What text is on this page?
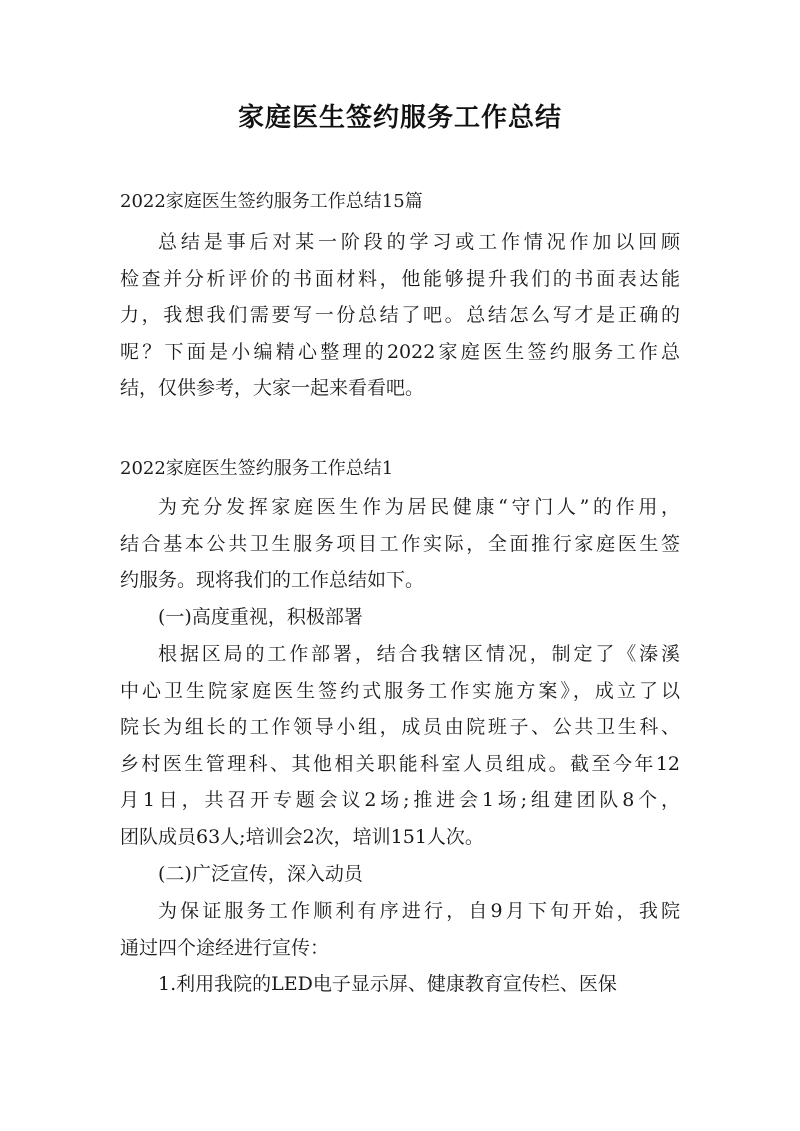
家庭医生签约服务工作总结
2022家庭医生签约服务工作总结15篇
总结是事后对某一阶段的学习或工作情况作加以回顾
检查并分析评价的书面材料，他能够提升我们的书面表达能
力，我想我们需要写一份总结了吧。总结怎么写才是正确的
呢？下面是小编精心整理的2022家庭医生签约服务工作总
结，仅供参考，大家一起来看看吧。
2022家庭医生签约服务工作总结1
为充分发挥家庭医生作为居民健康“守门人”的作用，
结合基本公共卫生服务项目工作实际，全面推行家庭医生签
约服务。现将我们的工作总结如下。
(一)高度重视，积极部署
根据区局的工作部署，结合我辖区情况，制定了《溱溪
中心卫生院家庭医生签约式服务工作实施方案》，成立了以
院长为组长的工作领导小组，成员由院班子、公共卫生科、
乡村医生管理科、其他相关职能科室人员组成。截至今年12
月1日，共召开专题会议2场;推进会1场;组建团队8个，
团队成员63人;培训会2次，培训151人次。
(二)广泛宣传，深入动员
为保证服务工作顺利有序进行，自9月下旬开始，我院
通过四个途经进行宣传：
1.利用我院的LED电子显示屏、健康教育宣传栏、医保
